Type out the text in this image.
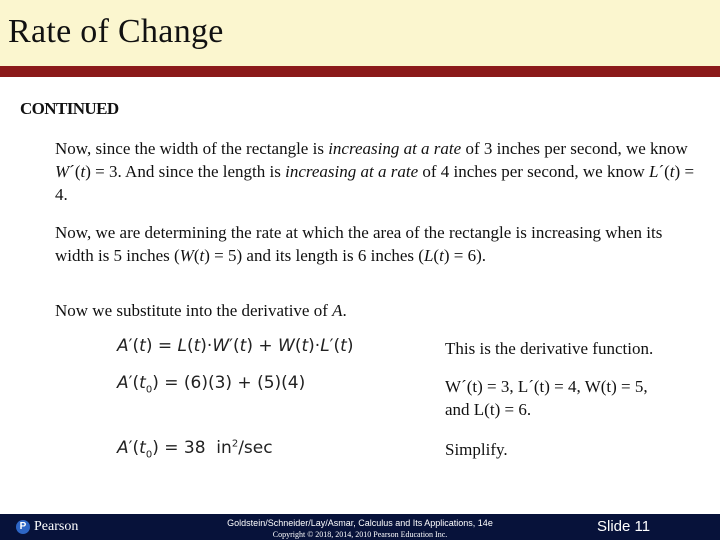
Rate of Change
CONTINUED
Now, since the width of the rectangle is increasing at a rate of 3 inches per second, we know W´(t) = 3. And since the length is increasing at a rate of 4 inches per second, we know L´(t) = 4.
Now, we are determining the rate at which the area of the rectangle is increasing when its width is 5 inches (W(t) = 5) and its length is 6 inches (L(t) = 6).
Now we substitute into the derivative of A.
A′(t) = L(t)·W′(t) + W(t)·L′(t)
$A'(t_0) = (6)(3) + (5)(4)$
$A'(t_0) = 38$  $in^2/\sec$
This is the derivative function.
W´(t) = 3, L´(t) = 4, W(t) = 5,
and L(t) = 6.
Simplify.
P Pearson	Goldstein/Schneider/Lay/Asmar, Calculus and Its Applications, 14e
Copyright © 2018, 2014, 2010 Pearson Education Inc.	Slide 11
